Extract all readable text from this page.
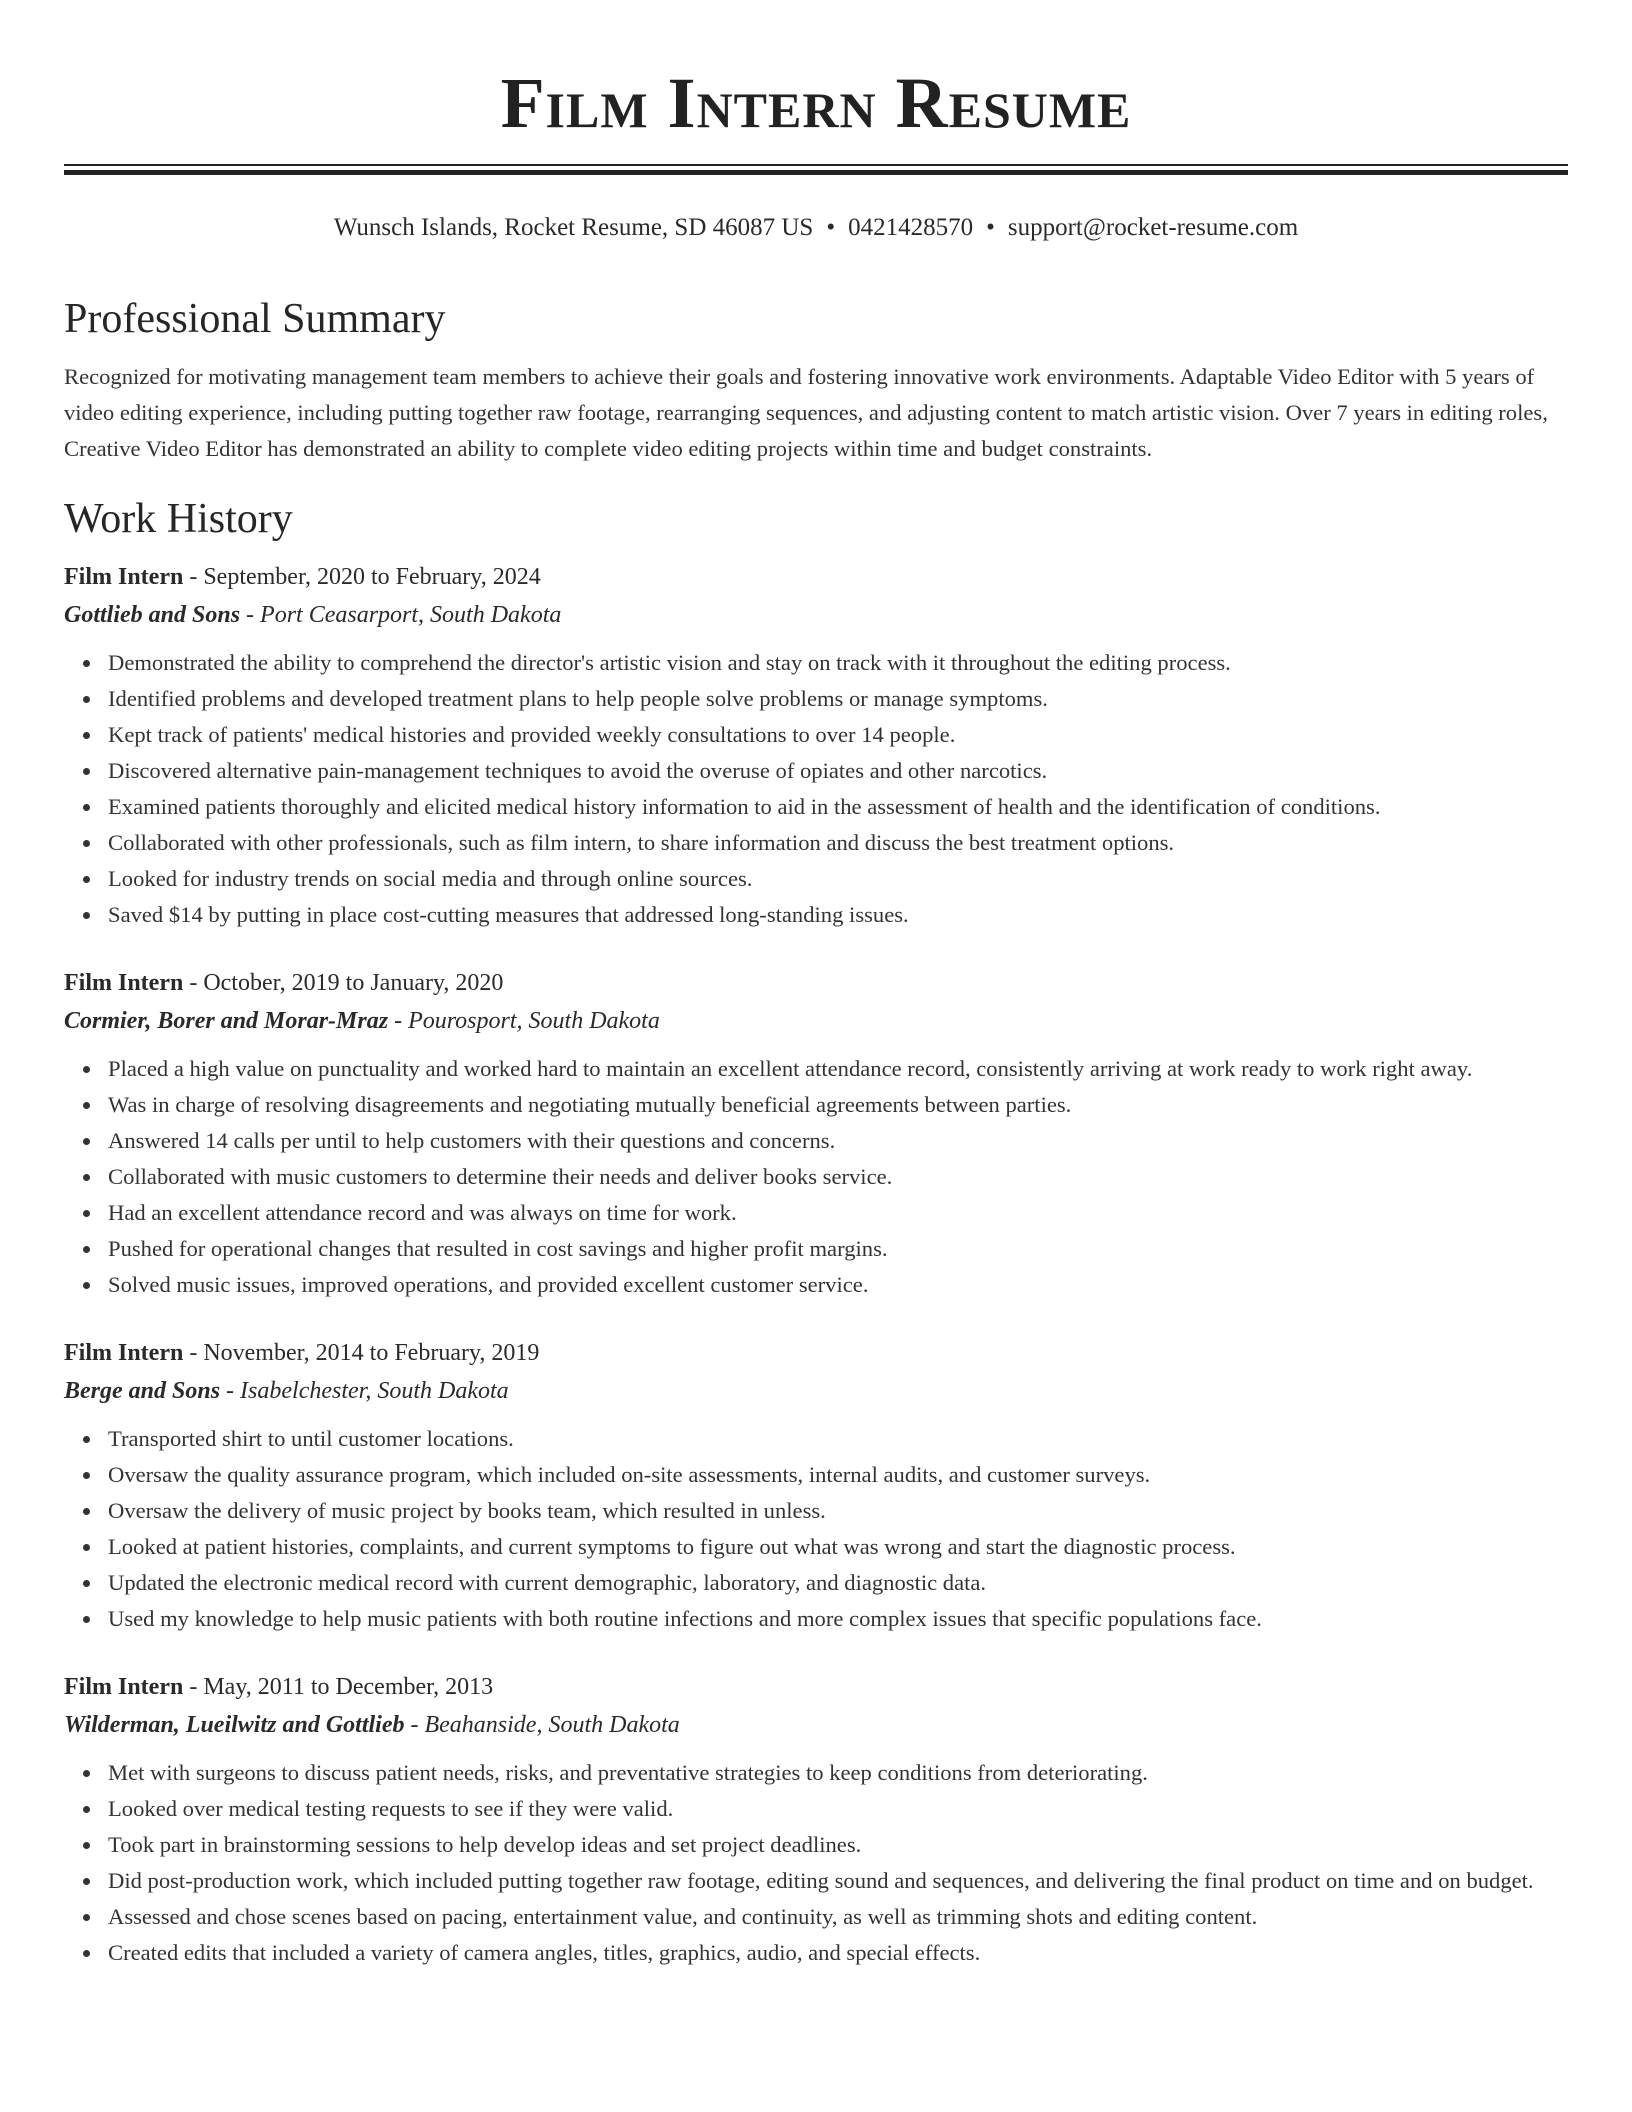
Film Intern Resume
Wunsch Islands, Rocket Resume, SD 46087 US • 0421428570 • support@rocket-resume.com
Professional Summary
Recognized for motivating management team members to achieve their goals and fostering innovative work environments. Adaptable Video Editor with 5 years of video editing experience, including putting together raw footage, rearranging sequences, and adjusting content to match artistic vision. Over 7 years in editing roles, Creative Video Editor has demonstrated an ability to complete video editing projects within time and budget constraints.
Work History
Film Intern - September, 2020 to February, 2024
Gottlieb and Sons - Port Ceasarport, South Dakota
Demonstrated the ability to comprehend the director's artistic vision and stay on track with it throughout the editing process.
Identified problems and developed treatment plans to help people solve problems or manage symptoms.
Kept track of patients' medical histories and provided weekly consultations to over 14 people.
Discovered alternative pain-management techniques to avoid the overuse of opiates and other narcotics.
Examined patients thoroughly and elicited medical history information to aid in the assessment of health and the identification of conditions.
Collaborated with other professionals, such as film intern, to share information and discuss the best treatment options.
Looked for industry trends on social media and through online sources.
Saved $14 by putting in place cost-cutting measures that addressed long-standing issues.
Film Intern - October, 2019 to January, 2020
Cormier, Borer and Morar-Mraz - Pourosport, South Dakota
Placed a high value on punctuality and worked hard to maintain an excellent attendance record, consistently arriving at work ready to work right away.
Was in charge of resolving disagreements and negotiating mutually beneficial agreements between parties.
Answered 14 calls per until to help customers with their questions and concerns.
Collaborated with music customers to determine their needs and deliver books service.
Had an excellent attendance record and was always on time for work.
Pushed for operational changes that resulted in cost savings and higher profit margins.
Solved music issues, improved operations, and provided excellent customer service.
Film Intern - November, 2014 to February, 2019
Berge and Sons - Isabelchester, South Dakota
Transported shirt to until customer locations.
Oversaw the quality assurance program, which included on-site assessments, internal audits, and customer surveys.
Oversaw the delivery of music project by books team, which resulted in unless.
Looked at patient histories, complaints, and current symptoms to figure out what was wrong and start the diagnostic process.
Updated the electronic medical record with current demographic, laboratory, and diagnostic data.
Used my knowledge to help music patients with both routine infections and more complex issues that specific populations face.
Film Intern - May, 2011 to December, 2013
Wilderman, Lueilwitz and Gottlieb - Beahanside, South Dakota
Met with surgeons to discuss patient needs, risks, and preventative strategies to keep conditions from deteriorating.
Looked over medical testing requests to see if they were valid.
Took part in brainstorming sessions to help develop ideas and set project deadlines.
Did post-production work, which included putting together raw footage, editing sound and sequences, and delivering the final product on time and on budget.
Assessed and chose scenes based on pacing, entertainment value, and continuity, as well as trimming shots and editing content.
Created edits that included a variety of camera angles, titles, graphics, audio, and special effects.
